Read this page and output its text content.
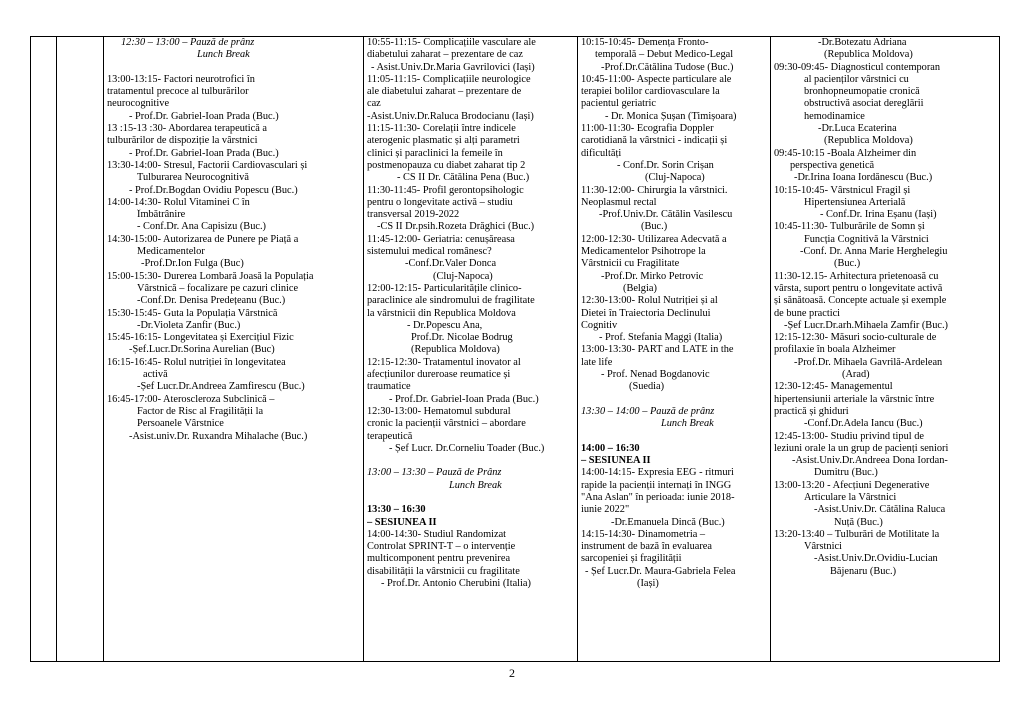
12:30 – 13:00 – Pauză de prânz
Lunch Break
13:00-13:15- Factori neurotrofici în
tratamentul precoce al tulburărilor
neurocognitive
- Prof.Dr. Gabriel-Ioan Prada (Buc.)
13 :15-13 :30- Abordarea terapeutică a
tulburărilor de dispoziție la vârstnici
- Prof.Dr. Gabriel-Ioan Prada (Buc.)
13:30-14:00- Stresul, Factorii Cardiovasculari și
Tulburarea Neurocognitivă
- Prof.Dr.Bogdan Ovidiu Popescu (Buc.)
14:00-14:30- Rolul Vitaminei C în
Îmbătrânire
- Conf.Dr. Ana Capisizu (Buc.)
14:30-15:00- Autorizarea de Punere pe Piață a
Medicamentelor
-Prof.Dr.Ion Fulga (Buc)
15:00-15:30- Durerea Lombară Joasă la Populația
Vârstnică – focalizare pe cazuri clinice
-Conf.Dr. Denisa Predețeanu (Buc.)
15:30-15:45- Guta la Populația Vârstnică
-Dr.Violeta Zanfir (Buc.)
15:45-16:15- Longevitatea și Exercițiul Fizic
-Șef.Lucr.Dr.Sorina Aurelian (Buc)
16:15-16:45- Rolul nutriției în longevitatea
activă
-Șef Lucr.Dr.Andreea Zamfirescu (Buc.)
16:45-17:00- Ateroscleroza Subclinică –
Factor de Risc al Fragilității la
Persoanele Vârstnice
-Asist.univ.Dr. Ruxandra Mihalache (Buc.)

10:55-11:15- Complicațiile vasculare ale
diabetului zaharat – prezentare de caz
- Asist.Univ.Dr.Maria Gavrilovici (Iași)
11:05-11:15- Complicațiile neurologice
ale diabetului zaharat – prezentare de
caz
-Asist.Univ.Dr.Raluca Brodocianu (Iași)
11:15-11:30- Corelații între indicele
aterogenic plasmatic și alți parametri
clinici și paraclinici la femeile în
postmenopauza cu diabet zaharat tip 2
- CS II Dr. Cătălina Pena (Buc.)
11:30-11:45- Profil gerontopsihologic
pentru o longevitate activă – studiu
transversal 2019-2022
-CS II Dr.psih.Rozeta Drăghici (Buc.)
11:45-12:00- Geriatria: cenușăreasa
sistemului medical românesc?
-Conf.Dr.Valer Donca
(Cluj-Napoca)
12:00-12:15- Particularitățile clinico-
paraclinice ale sindromului de fragilitate
la vârstnicii din Republica Moldova
- Dr.Popescu Ana,
Prof.Dr. Nicolae Bodrug
(Republica Moldova)
12:15-12:30- Tratamentul inovator al
afecțiunilor dureroase reumatice și
traumatice
- Prof.Dr. Gabriel-Ioan Prada (Buc.)
12:30-13:00- Hematomul subdural
cronic la pacienții vârstnici – abordare
terapeutică
- Șef Lucr. Dr.Corneliu Toader (Buc.)
13:00 – 13:30 – Pauză de Prânz
Lunch Break
13:30 – 16:30
– SESIUNEA II
14:00-14:30- Studiul Randomizat
Controlat SPRINT-T – o intervenție
multicomponent pentru prevenirea
disabilității la vârstnicii cu fragilitate
- Prof.Dr. Antonio Cherubini (Italia)

10:15-10:45- Demența Fronto-
temporală – Debut Medico-Legal
-Prof.Dr.Cătălina Tudose (Buc.)
10:45-11:00- Aspecte particulare ale
terapiei bolilor cardiovasculare la
pacientul geriatric
- Dr. Monica Șușan (Timișoara)
11:00-11:30- Ecografia Doppler
carotidiană la vârstnici - indicații și
dificultăți
- Conf.Dr. Sorin Crișan
(Cluj-Napoca)
11:30-12:00- Chirurgia la vârstnici.
Neoplasmul rectal
-Prof.Univ.Dr. Cătălin Vasilescu
(Buc.)
12:00-12:30- Utilizarea Adecvată a
Medicamentelor Psihotrope la
Vârstnicii cu Fragilitate
-Prof.Dr. Mirko Petrovic
(Belgia)
12:30-13:00- Rolul Nutriției și al
Dietei în Traiectoria Declinului
Cognitiv
- Prof. Stefania Maggi (Italia)
13:00-13:30- PART and LATE in the
late life
- Prof. Nenad Bogdanovic
(Suedia)
13:30 – 14:00 – Pauză de prânz
Lunch Break
14:00 – 16:30
– SESIUNEA II
14:00-14:15- Expresia EEG - ritmuri
rapide la pacienții internați în INGG
"Ana Aslan" în perioada: iunie 2018-
iunie 2022"
-Dr.Emanuela Dincă (Buc.)
14:15-14:30- Dinamometria –
instrument de bază în evaluarea
sarcopeniei și fragilității
- Șef Lucr.Dr. Maura-Gabriela Felea
(Iași)

-Dr.Botezatu Adriana
(Republica Moldova)
09:30-09:45- Diagnosticul contemporan
al pacienților vârstnici cu
bronhopneumopatie cronică
obstructivă asociat dereglării
hemodinamice
-Dr.Luca Ecaterina
(Republica Moldova)
09:45-10:15 -Boala Alzheimer din
perspectiva genetică
-Dr.Irina Ioana Iordănescu (Buc.)
10:15-10:45- Vârstnicul Fragil și
Hipertensiunea Arterială
- Conf.Dr. Irina Eșanu (Iași)
10:45-11:30- Tulburările de Somn și
Funcția Cognitivă la Vârstnici
-Conf. Dr. Anna Marie Herghelegiu
(Buc.)
11:30-12.15- Arhitectura prietenoasă cu
vârsta, suport pentru o longevitate activă
și sănătoasă. Concepte actuale și exemple
de bune practici
-Șef Lucr.Dr.arh.Mihaela Zamfir (Buc.)
12:15-12:30- Măsuri socio-culturale de
profilaxie în boala Alzheimer
-Prof.Dr. Mihaela Gavrilă-Ardelean
(Arad)
12:30-12:45- Managementul
hipertensiunii arteriale la vârstnic între
practică și ghiduri
-Conf.Dr.Adela Iancu (Buc.)
12:45-13:00- Studiu privind tipul de
leziuni orale la un grup de pacienți seniori
-Asist.Univ.Dr.Andreea Dona Iordan-
Dumitru (Buc.)
13:00-13:20 - Afecțiuni Degenerative
Articulare la Vârstnici
-Asist.Univ.Dr. Cătălina Raluca
Nuță (Buc.)
13:20-13:40 – Tulburări de Motilitate la
Vârstnici
-Asist.Univ.Dr.Ovidiu-Lucian
Băjenaru (Buc.)
2
